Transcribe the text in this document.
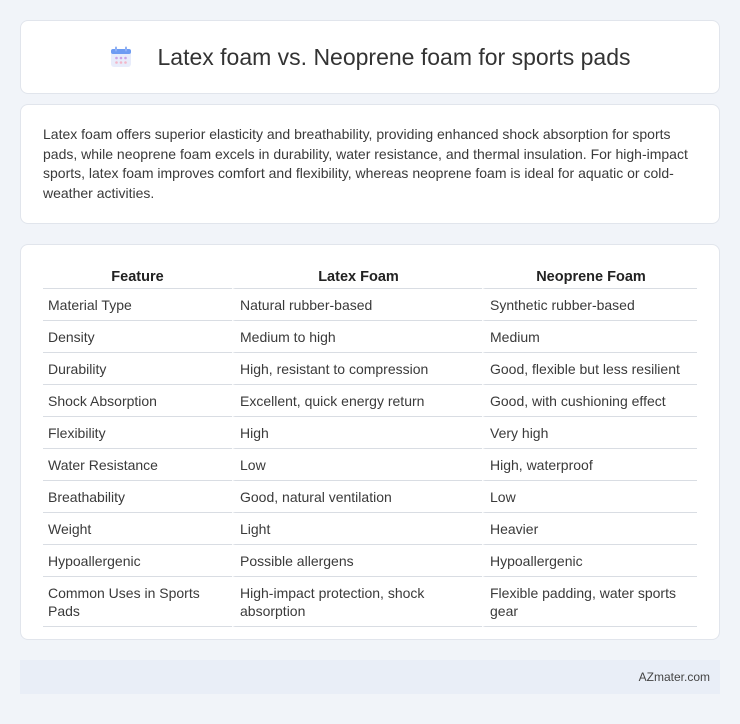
Latex foam vs. Neoprene foam for sports pads

Latex foam offers superior elasticity and breathability, providing enhanced shock absorption for sports pads, while neoprene foam excels in durability, water resistance, and thermal insulation. For high-impact sports, latex foam improves comfort and flexibility, whereas neoprene foam is ideal for aquatic or cold-weather activities.

Feature	Latex Foam	Neoprene Foam
Material Type	Natural rubber-based	Synthetic rubber-based
Density	Medium to high	Medium
Durability	High, resistant to compression	Good, flexible but less resilient
Shock Absorption	Excellent, quick energy return	Good, with cushioning effect
Flexibility	High	Very high
Water Resistance	Low	High, waterproof
Breathability	Good, natural ventilation	Low
Weight	Light	Heavier
Hypoallergenic	Possible allergens	Hypoallergenic
Common Uses in Sports Pads	High-impact protection, shock absorption	Flexible padding, water sports gear
AZmater.com
